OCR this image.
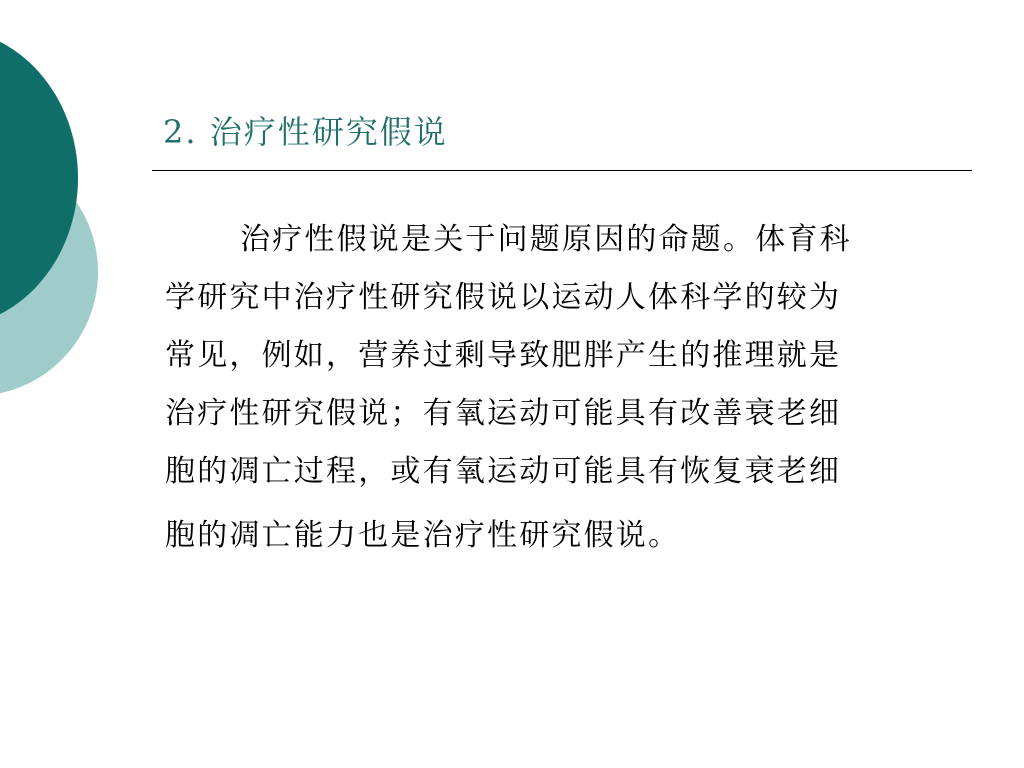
2. 治疗性研究假说
治疗性假说是关于问题原因的命题。体育科
学研究中治疗性研究假说以运动人体科学的较为
常见，例如，营养过剩导致肥胖产生的推理就是
治疗性研究假说；有氧运动可能具有改善衰老细
胞的凋亡过程，或有氧运动可能具有恢复衰老细
胞的凋亡能力也是治疗性研究假说。
